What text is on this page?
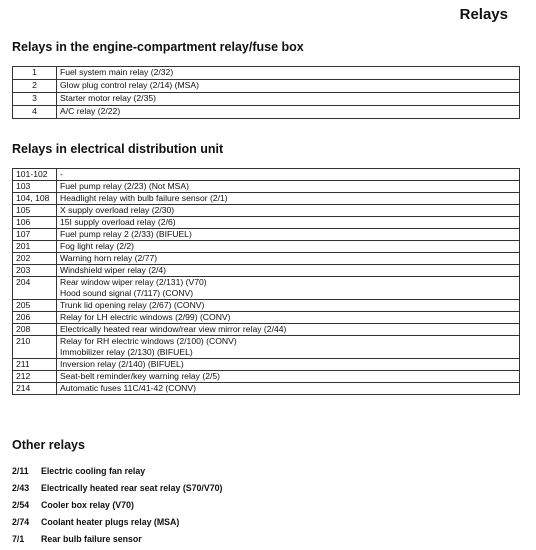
Relays
Relays in the engine-compartment relay/fuse box
1	Fuel system main relay (2/32)
2	Glow plug control relay (2/14) (MSA)
3	Starter motor relay (2/35)
4	A/C relay (2/22)
Relays in electrical distribution unit
101-102	-

103	Fuel pump relay (2/23) (Not MSA)

104, 108	Headlight relay with bulb failure sensor (2/1)

105	X supply overload relay (2/30)

106	15I supply overload relay (2/6)

107	Fuel pump relay 2 (2/33) (BIFUEL)

201	Fog light relay (2/2)

202	Warning horn relay (2/77)

203	Windshield wiper relay (2/4)

204	Rear window wiper relay (2/131) (V70)
Hood sound signal (7/117) (CONV)

205	Trunk lid opening relay (2/67) (CONV)

206	Relay for LH electric windows (2/99) (CONV)

208	Electrically heated rear window/rear view mirror relay (2/44)

210	Relay for RH electric windows (2/100) (CONV)
Immobilizer relay (2/130) (BIFUEL)

211	Inversion relay (2/140) (BIFUEL)

212	Seat-belt reminder/key warning relay (2/5)

214	Automatic fuses 11C/41-42 (CONV)
Other relays
2/11	Electric cooling fan relay
2/43	Electrically heated rear seat relay (S70/V70)
2/54	Cooler box relay (V70)
2/74	Coolant heater plugs relay (MSA)
7/1	Rear bulb failure sensor
